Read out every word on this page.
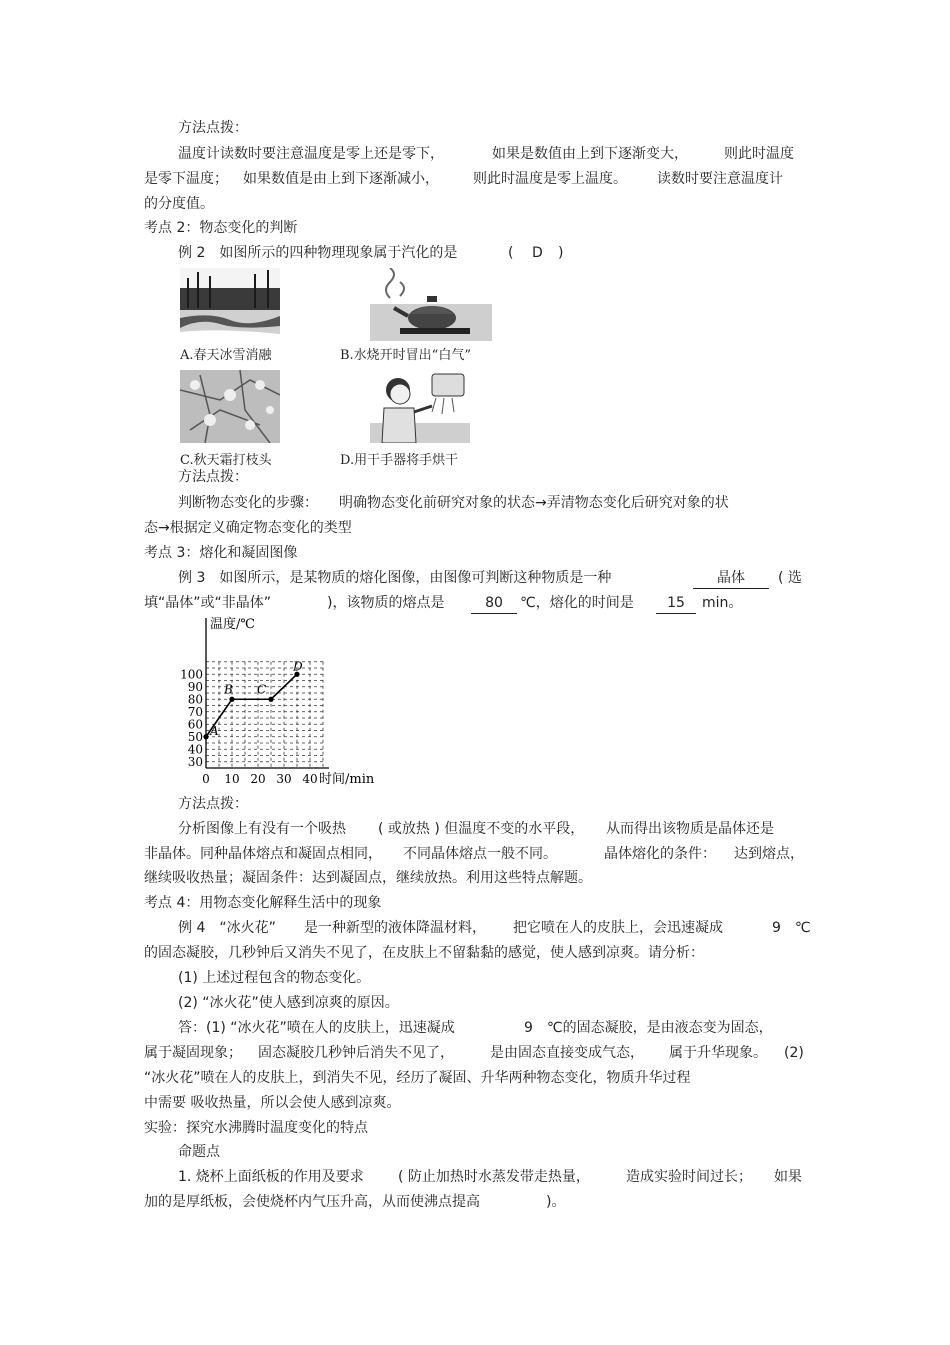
方法点拨：
温度计读数时要注意温度是零上还是零下，	如果是数值由上到下逐渐变大，	则此时温度
是零下温度； 如果数值是由上到下逐渐减小， 则此时温度是零上温度。 读数时要注意温度计
的分度值。
考点 2：物态变化的判断
例 2　如图所示的四种物理现象属于汽化的是	( D )
A.春天冰雪消融	B.水烧开时冒出“白气”
C.秋天霜打枝头	D.用干手器将手烘干
方法点拨：
判断物态变化的步骤： 明确物态变化前研究对象的状态→弄清物态变化后研究对象的状
态→根据定义确定物态变化的类型
考点 3：熔化和凝固图像
例 3　如图所示，是某物质的熔化图像，由图像可判断这种物质是一种	晶体	( 选
填“晶体”或“非晶体”	)，该物质的熔点是	80	℃，熔化的时间是	15	min。
30
40
50
60
70
80
90
100
0 10 20 30 40
温度/℃
时间/min
A
B C
D
方法点拨：
分析图像上有没有一个吸热 ( 或放热 ) 但温度不变的水平段， 从而得出该物质是晶体还是
非晶体。同种晶体熔点和凝固点相同， 不同晶体熔点一般不同。	晶体熔化的条件： 达到熔点，
继续吸收热量；凝固条件：达到凝固点，继续放热。利用这些特点解题。
考点 4：用物态变化解释生活中的现象
例 4　“冰火花” 是一种新型的液体降温材料， 把它喷在人的皮肤上，会迅速凝成	9　℃
的固态凝胶，几秒钟后又消失不见了，在皮肤上不留黏黏的感觉，使人感到凉爽。请分析：
(1) 上述过程包含的物态变化。
(2) “冰火花”使人感到凉爽的原因。
答：(1) “冰火花”喷在人的皮肤上，迅速凝成	9　℃的固态凝胶，是由液态变为固态，
属于凝固现象； 固态凝胶几秒钟后消失不见了，	是由固态直接变成气态， 属于升华现象。 (2)
“冰火花”喷在人的皮肤上，到消失不见，经历了凝固、升华两种物态变化，物质升华过程
中需要 吸收热量，所以会使人感到凉爽。
实验：探究水沸腾时温度变化的特点
命题点
1. 烧杯上面纸板的作用及要求 ( 防止加热时水蒸发带走热量，	造成实验时间过长； 如果
加的是厚纸板，会使烧杯内气压升高，从而使沸点提高	)。
